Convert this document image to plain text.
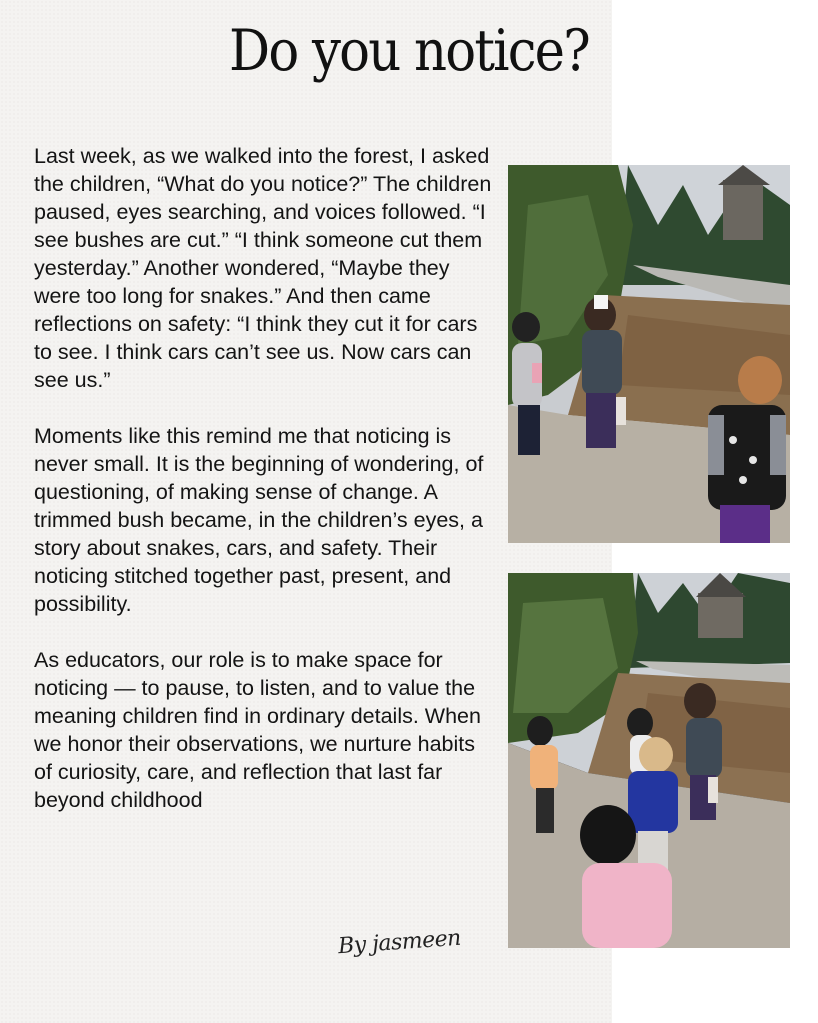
Do you notice?

Last week, as we walked into the forest, I asked the children, “What do you notice?” The children paused, eyes searching, and voices followed. “I see bushes are cut.” “I think someone cut them yesterday.” Another wondered, “Maybe they were too long for snakes.” And then came reflections on safety: “I think they cut it for cars to see. I think cars can’t see us. Now cars can see us.”

Moments like this remind me that noticing is never small. It is the beginning of wondering, of questioning, of making sense of change. A trimmed bush became, in the children’s eyes, a story about snakes, cars, and safety. Their noticing stitched together past, present, and possibility.

As educators, our role is to make space for noticing — to pause, to listen, and to value the meaning children find in ordinary details. When we honor their observations, we nurture habits of curiosity, care, and reflection that last far beyond childhood

By jasmeen
